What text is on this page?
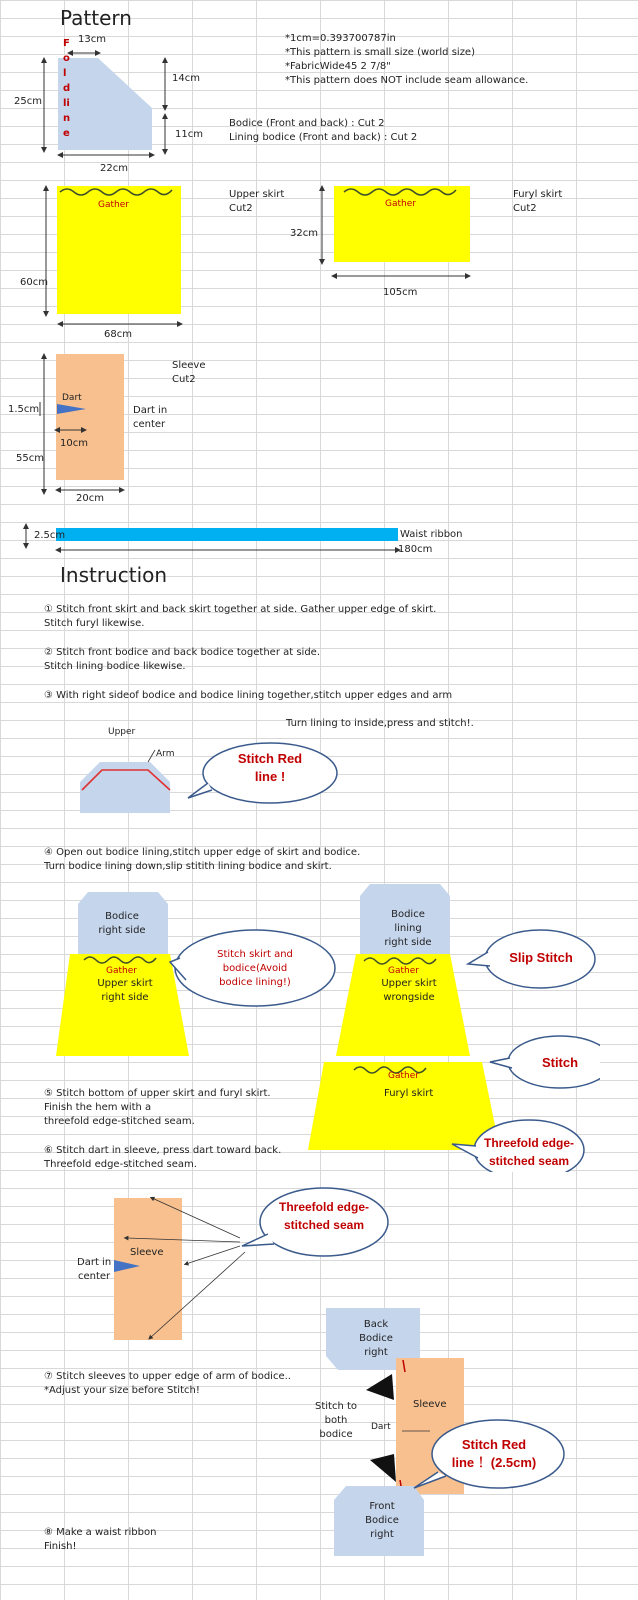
Pattern
*1cm=0.393700787in
*This pattern is small size (world size)
*FabricWide45 2 7/8"
*This pattern does NOT include seam allowance.
13cm
25cm
14cm
11cm
22cm
Fold line
Bodice (Front and back) : Cut 2
Lining bodice (Front and back) : Cut 2
Gather
Upper skirt
Cut2
60cm
68cm
Gather
Furyl skirt
Cut2
32cm
105cm
Dart
Dart in
center
Sleeve
Cut2
1.5cm
10cm
55cm
20cm
2.5cm	Waist ribbon
180cm
Instruction
① Stitch front skirt and back skirt together at side. Gather upper edge of skirt.
Stitch furyl likewise.
② Stitch front bodice and back bodice together at side.
Stitch lining bodice likewise.
③ With right sideof bodice and bodice lining together,stitch upper edges and arm
Turn lining to inside,press and stitch!.
Upper
Arm	Stitch Red
line !
④ Open out bodice lining,stitch upper edge of skirt and bodice.
Turn bodice lining down,slip stitith lining bodice and skirt.
Bodice
right side
Gather
Upper skirt
right side
Stitch skirt and
bodice(Avoid
bodice lining!)
Bodice
lining
right side
Gather
Upper skirt
wrongside
Slip Stitch
Gather
Furyl skirt
Stitch
Threefold edge-
stitched seam
⑤ Stitch bottom of upper skirt and furyl skirt.
Finish the hem with a
threefold edge-stitched seam.
⑥ Stitch dart in sleeve, press dart toward back.
Threefold edge-stitched seam.
Sleeve
Dart in
center
Threefold edge-
stitched seam
⑦ Stitch sleeves to upper edge of arm of bodice..
*Adjust your size before Stitch!
Back
Bodice
right
Sleeve
Stitch to
both
bodice
Dart
Front
Bodice
right
Stitch Red
line ！(2.5cm)
⑧ Make a waist ribbon
Finish!
